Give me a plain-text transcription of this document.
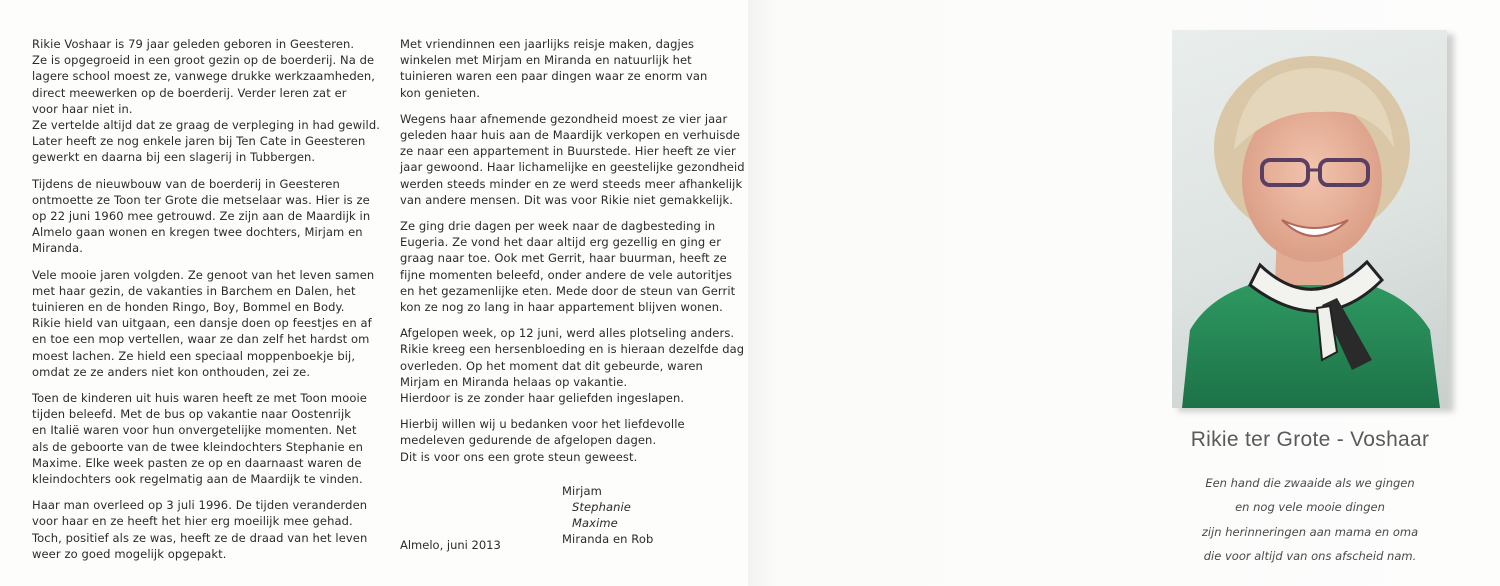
Rikie Voshaar is 79 jaar geleden geboren in Geesteren.
Ze is opgegroeid in een groot gezin op de boerderij. Na de
lagere school moest ze, vanwege drukke werkzaamheden,
direct meewerken op de boerderij. Verder leren zat er
voor haar niet in.
Ze vertelde altijd dat ze graag de verpleging in had gewild.
Later heeft ze nog enkele jaren bij Ten Cate in Geesteren
gewerkt en daarna bij een slagerij in Tubbergen.

Tijdens de nieuwbouw van de boerderij in Geesteren
ontmoette ze Toon ter Grote die metselaar was. Hier is ze
op 22 juni 1960 mee getrouwd. Ze zijn aan de Maardijk in
Almelo gaan wonen en kregen twee dochters, Mirjam en
Miranda.

Vele mooie jaren volgden. Ze genoot van het leven samen
met haar gezin, de vakanties in Barchem en Dalen, het
tuinieren en de honden Ringo, Boy, Bommel en Body.
Rikie hield van uitgaan, een dansje doen op feestjes en af
en toe een mop vertellen, waar ze dan zelf het hardst om
moest lachen. Ze hield een speciaal moppenboekje bij,
omdat ze ze anders niet kon onthouden, zei ze.

Toen de kinderen uit huis waren heeft ze met Toon mooie
tijden beleefd. Met de bus op vakantie naar Oostenrijk
en Italië waren voor hun onvergetelijke momenten. Net
als de geboorte van de twee kleindochters Stephanie en
Maxime. Elke week pasten ze op en daarnaast waren de
kleindochters ook regelmatig aan de Maardijk te vinden.

Haar man overleed op 3 juli 1996. De tijden veranderden
voor haar en ze heeft het hier erg moeilijk mee gehad.
Toch, positief als ze was, heeft ze de draad van het leven
weer zo goed mogelijk opgepakt.

Met vriendinnen een jaarlijks reisje maken, dagjes
winkelen met Mirjam en Miranda en natuurlijk het
tuinieren waren een paar dingen waar ze enorm van
kon genieten.

Wegens haar afnemende gezondheid moest ze vier jaar
geleden haar huis aan de Maardijk verkopen en verhuisde
ze naar een appartement in Buurstede. Hier heeft ze vier
jaar gewoond. Haar lichamelijke en geestelijke gezondheid
werden steeds minder en ze werd steeds meer afhankelijk
van andere mensen. Dit was voor Rikie niet gemakkelijk.

Ze ging drie dagen per week naar de dagbesteding in
Eugeria. Ze vond het daar altijd erg gezellig en ging er
graag naar toe. Ook met Gerrit, haar buurman, heeft ze
fijne momenten beleefd, onder andere de vele autoritjes
en het gezamenlijke eten. Mede door de steun van Gerrit
kon ze nog zo lang in haar appartement blijven wonen.

Afgelopen week, op 12 juni, werd alles plotseling anders.
Rikie kreeg een hersenbloeding en is hieraan dezelfde dag
overleden. Op het moment dat dit gebeurde, waren
Mirjam en Miranda helaas op vakantie.
Hierdoor is ze zonder haar geliefden ingeslapen.

Hierbij willen wij u bedanken voor het liefdevolle
medeleven gedurende de afgelopen dagen.
Dit is voor ons een grote steun geweest.

Mirjam
Stephanie
Maxime
Miranda en Rob
Almelo, juni 2013
Rikie ter Grote - Voshaar
Een hand die zwaaide als we gingen
en nog vele mooie dingen
zijn herinneringen aan mama en oma
die voor altijd van ons afscheid nam.
